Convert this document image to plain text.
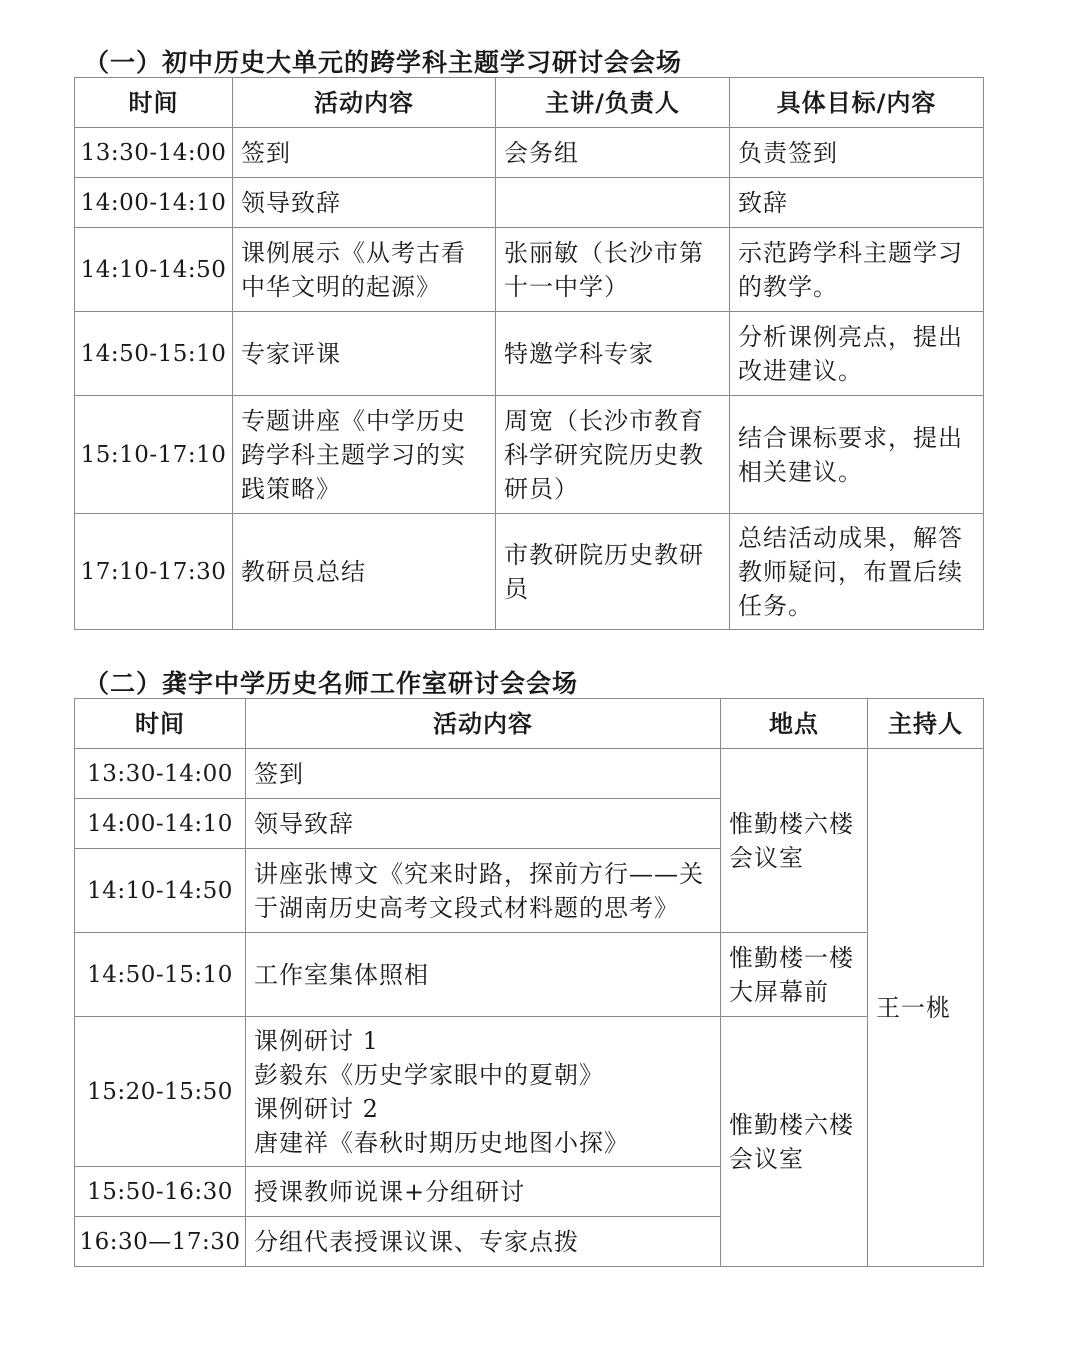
（一）初中历史大单元的跨学科主题学习研讨会会场
时间	活动内容	主讲/负责人	具体目标/内容
13:30-14:00	签到	会务组	负责签到
14:00-14:10	领导致辞		致辞
14:10-14:50	课例展示《从考古看中华文明的起源》	张丽敏（长沙市第十一中学）	示范跨学科主题学习的教学。
14:50-15:10	专家评课	特邀学科专家	分析课例亮点，提出改进建议。
15:10-17:10	专题讲座《中学历史跨学科主题学习的实践策略》	周宽（长沙市教育科学研究院历史教研员）	结合课标要求，提出相关建议。
17:10-17:30	教研员总结	市教研院历史教研员	总结活动成果，解答教师疑问，布置后续任务。
（二）龚宇中学历史名师工作室研讨会会场
时间	活动内容	地点	主持人
13:30-14:00	签到	惟勤楼六楼会议室	王一桃
14:00-14:10	领导致辞		
14:10-14:50	讲座张博文《究来时路，探前方行——关于湖南历史高考文段式材料题的思考》		
14:50-15:10	工作室集体照相	惟勤楼一楼大屏幕前	
15:20-15:50	课例研讨 1
彭毅东《历史学家眼中的夏朝》
课例研讨 2
唐建祥《春秋时期历史地图小探》	惟勤楼六楼会议室	
15:50-16:30	授课教师说课+分组研讨		
16:30—17:30	分组代表授课议课、专家点拨		
